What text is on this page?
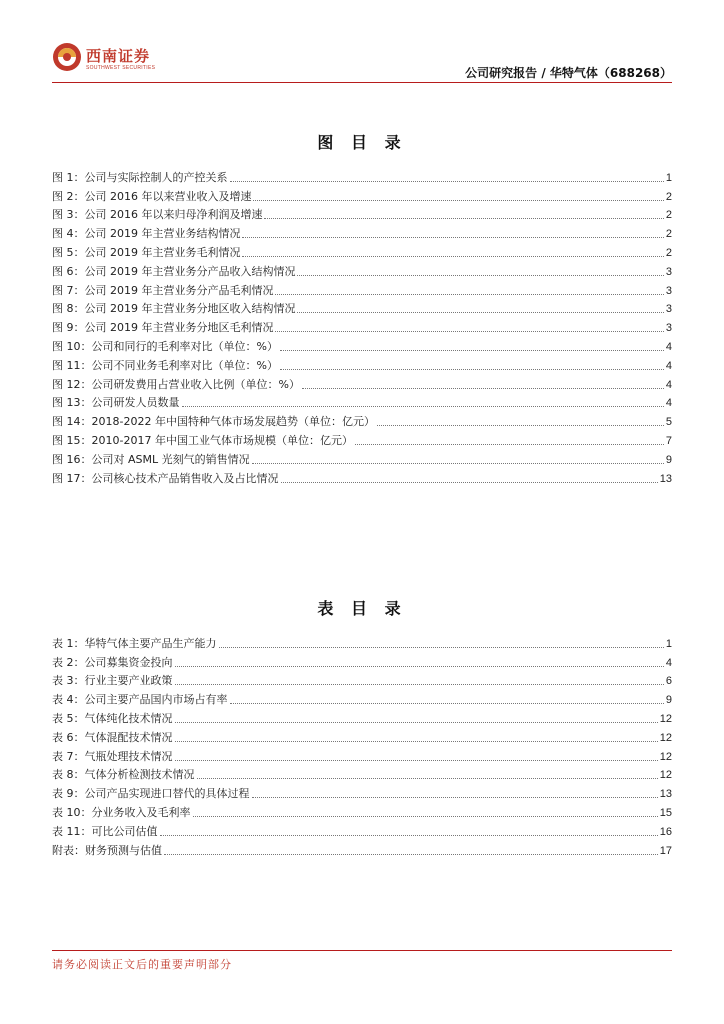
西南证券
SOUTHWEST SECURITIES	公司研究报告 / 华特气体（688268）
图 目 录
图 1：公司与实际控制人的产控关系	1
图 2：公司 2016 年以来营业收入及增速	2
图 3：公司 2016 年以来归母净利润及增速	2
图 4：公司 2019 年主营业务结构情况	2
图 5：公司 2019 年主营业务毛利情况	2
图 6：公司 2019 年主营业务分产品收入结构情况	3
图 7：公司 2019 年主营业务分产品毛利情况	3
图 8：公司 2019 年主营业务分地区收入结构情况	3
图 9：公司 2019 年主营业务分地区毛利情况	3
图 10：公司和同行的毛利率对比（单位：%）	4
图 11：公司不同业务毛利率对比（单位：%）	4
图 12：公司研发费用占营业收入比例（单位：%）	4
图 13：公司研发人员数量	4
图 14：2018-2022 年中国特种气体市场发展趋势（单位：亿元）	5
图 15：2010-2017 年中国工业气体市场规模（单位：亿元）	7
图 16：公司对 ASML 光刻气的销售情况	9
图 17：公司核心技术产品销售收入及占比情况	13
表 目 录
表 1：华特气体主要产品生产能力	1
表 2：公司募集资金投向	4
表 3：行业主要产业政策	6
表 4：公司主要产品国内市场占有率	9
表 5：气体纯化技术情况	12
表 6：气体混配技术情况	12
表 7：气瓶处理技术情况	12
表 8：气体分析检测技术情况	12
表 9：公司产品实现进口替代的具体过程	13
表 10：分业务收入及毛利率	15
表 11：可比公司估值	16
附表：财务预测与估值	17
请务必阅读正文后的重要声明部分
